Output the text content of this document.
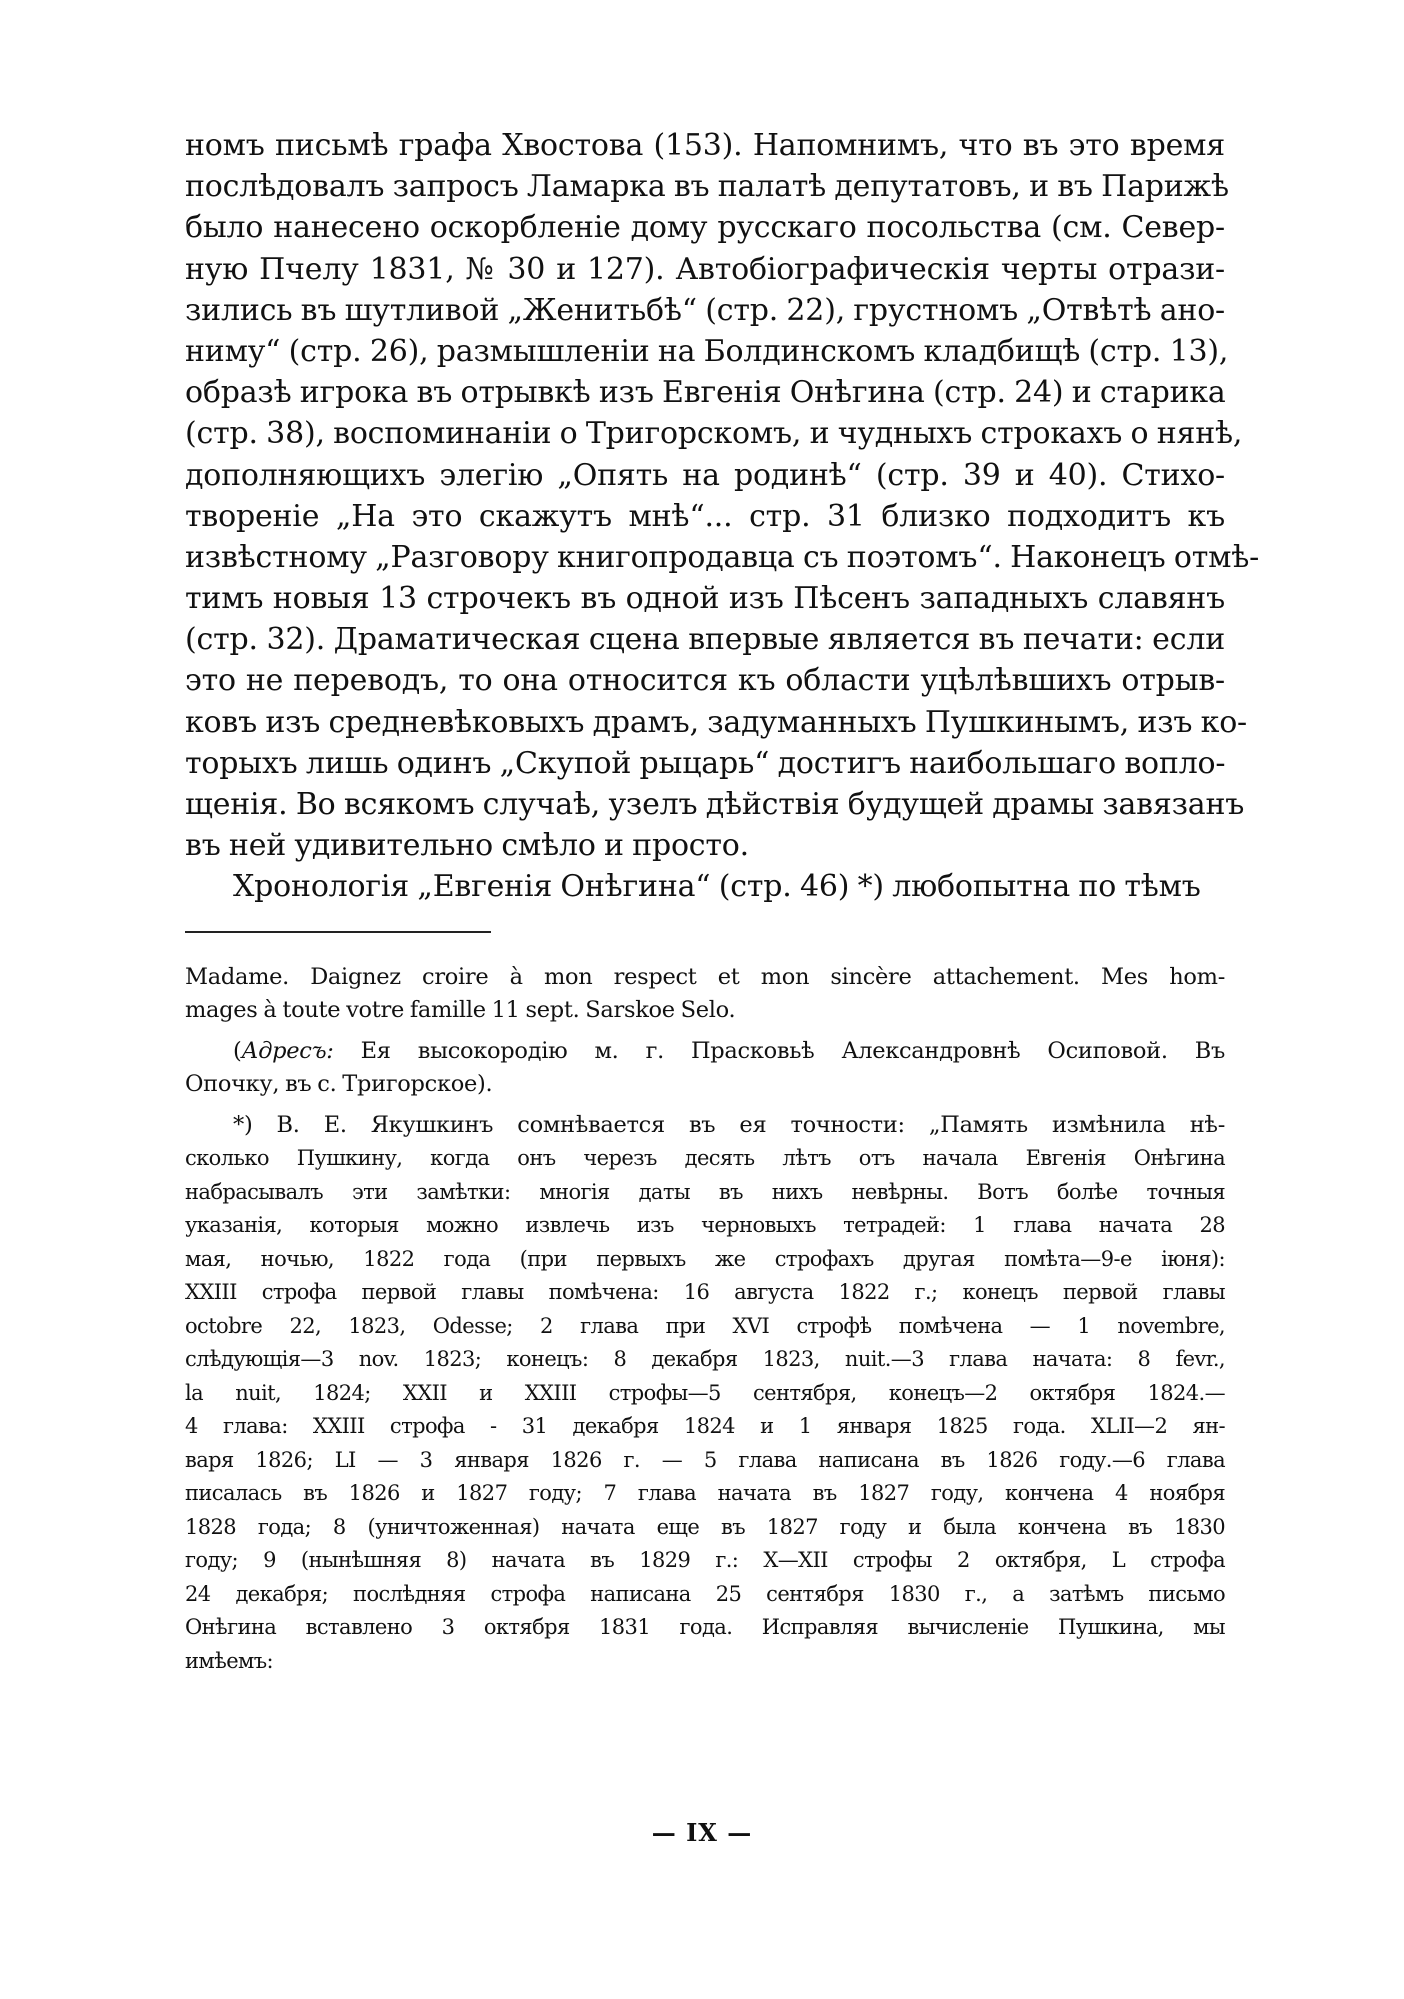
номъ письмѣ графа Хвостова (153). Напомнимъ, что въ это время
послѣдовалъ запросъ Ламарка въ палатѣ депутатовъ, и въ Парижѣ
было нанесено оскорбленіе дому русскаго посольства (см. Север-
ную Пчелу 1831, № 30 и 127). Автобіографическія черты отрази-
зились въ шутливой „Женитьбѣ“ (стр. 22), грустномъ „Отвѣтѣ ано-
ниму“ (стр. 26), размышленіи на Болдинскомъ кладбищѣ (стр. 13),
образѣ игрока въ отрывкѣ изъ Евгенія Онѣгина (стр. 24) и старика
(стр. 38), воспоминаніи о Тригорскомъ, и чудныхъ строкахъ о нянѣ,
дополняющихъ элегію „Опять на родинѣ“ (стр. 39 и 40). Стихо-
твореніе „На это скажутъ мнѣ“... стр. 31 близко подходитъ къ
извѣстному „Разговору книгопродавца съ поэтомъ“. Наконецъ отмѣ-
тимъ новыя 13 строчекъ въ одной изъ Пѣсенъ западныхъ славянъ
(стр. 32). Драматическая сцена впервые является въ печати: если
это не переводъ, то она относится къ области уцѣлѣвшихъ отрыв-
ковъ изъ средневѣковыхъ драмъ, задуманныхъ Пушкинымъ, изъ ко-
торыхъ лишь одинъ „Скупой рыцарь“ достигъ наибольшаго вопло-
щенія. Во всякомъ случаѣ, узелъ дѣйствія будущей драмы завязанъ
въ ней удивительно смѣло и просто.
Хронологія „Евгенія Онѣгина“ (стр. 46) *) любопытна по тѣмъ
Madame. Daignez croire à mon respect et mon sincère attachement. Mes hom-
mages à toute votre famille 11 sept. Sarskoe Selo.
(Адресъ: Ея высокородію м. г. Прасковьѣ Александровнѣ Осиповой. Въ
Опочку, въ с. Тригорское).
*) В. Е. Якушкинъ сомнѣвается въ ея точности: „Память измѣнила нѣ-
сколько Пушкину, когда онъ черезъ десять лѣтъ отъ начала Евгенія Онѣгина
набрасывалъ эти замѣтки: многія даты въ нихъ невѣрны. Вотъ болѣе точныя
указанія, которыя можно извлечь изъ черновыхъ тетрадей: 1 глава начата 28
мая, ночью, 1822 года (при первыхъ же строфахъ другая помѣта—9-е іюня):
XXIII строфа первой главы помѣчена: 16 августа 1822 г.; конецъ первой главы
octobre 22, 1823, Odesse; 2 глава при XVI строфѣ помѣчена — 1 novembre,
слѣдующія—3 nov. 1823; конецъ: 8 декабря 1823, nuit.—3 глава начата: 8 fevr.,
la nuit, 1824; XXII и XXIII строфы—5 сентября, конецъ—2 октября 1824.—
4 глава: XXIII строфа - 31 декабря 1824 и 1 января 1825 года. XLII—2 ян-
варя 1826; LI — 3 января 1826 г. — 5 глава написана въ 1826 году.—6 глава
писалась въ 1826 и 1827 году; 7 глава начата въ 1827 году, кончена 4 ноября
1828 года; 8 (уничтоженная) начата еще въ 1827 году и была кончена въ 1830
году; 9 (нынѣшняя 8) начата въ 1829 г.: X—XII строфы 2 октября, L строфа
24 декабря; послѣдняя строфа написана 25 сентября 1830 г., а затѣмъ письмо
Онѣгина вставлено 3 октября 1831 года. Исправляя вычисленіе Пушкина, мы
имѣемъ:
— IX —
